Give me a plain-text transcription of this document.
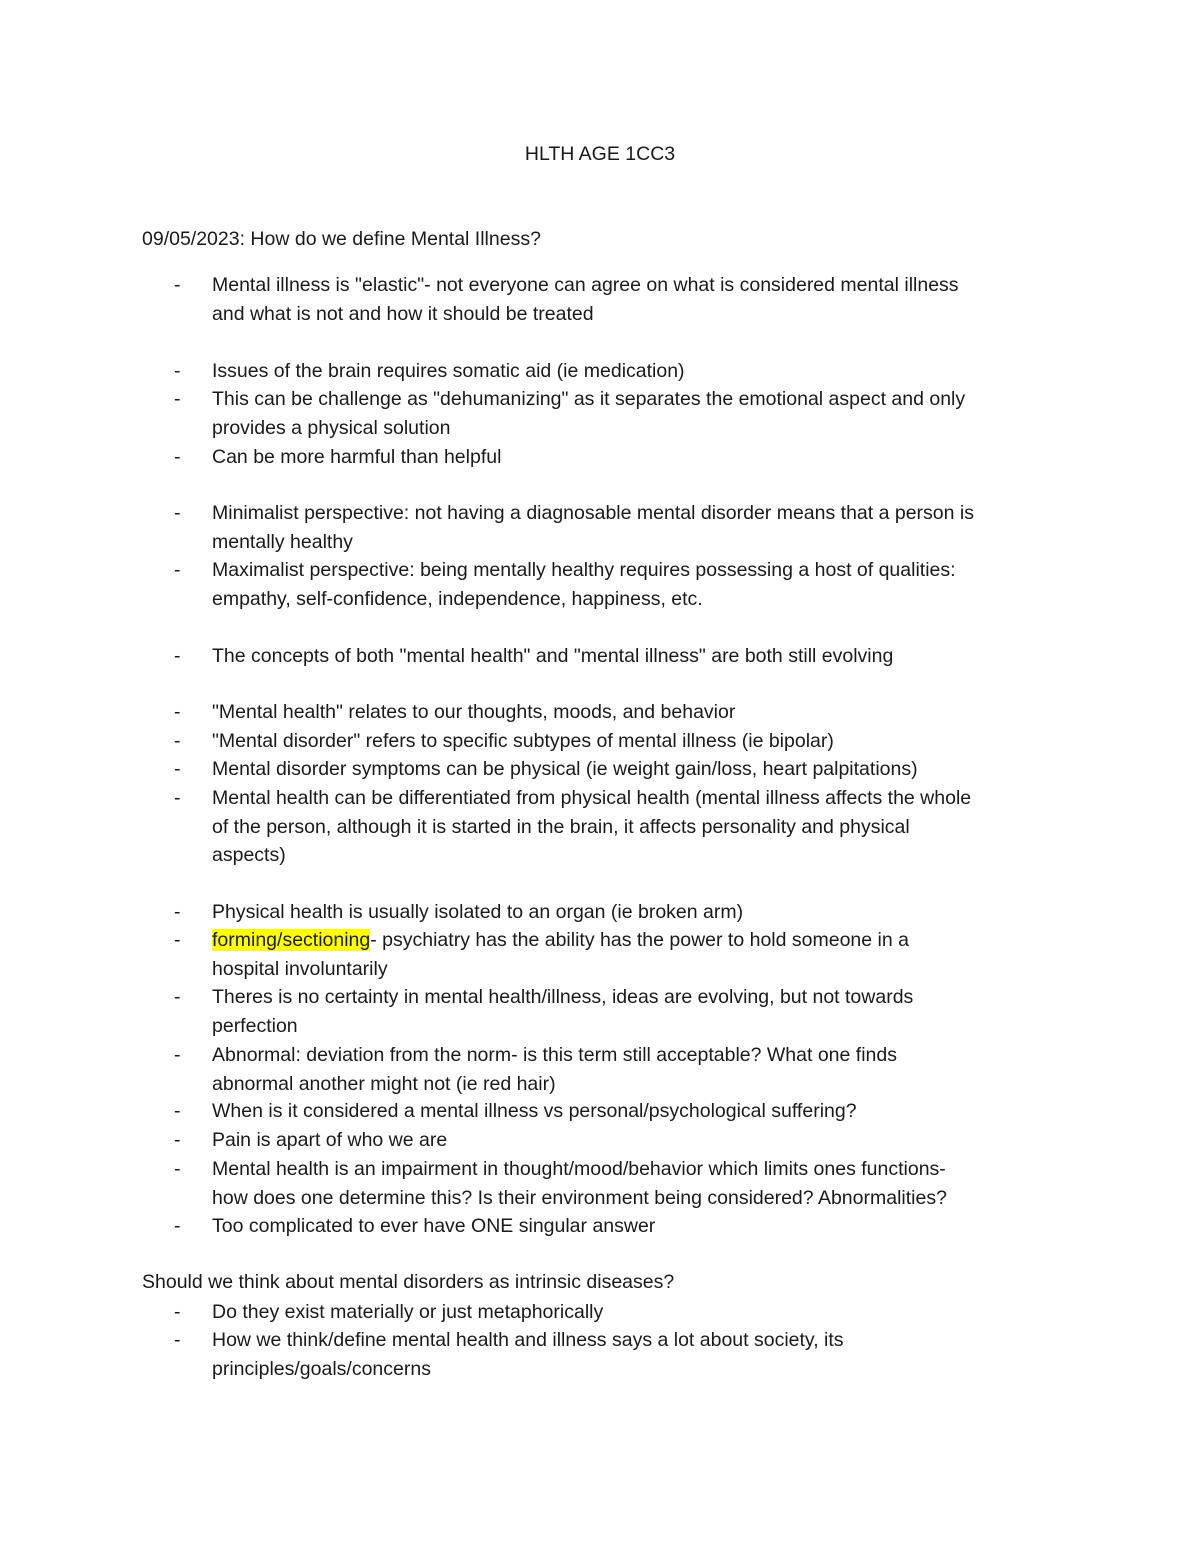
HLTH AGE 1CC3
09/05/2023: How do we define Mental Illness?
- Mental illness is "elastic"- not everyone can agree on what is considered mental illness
and what is not and how it should be treated
- Issues of the brain requires somatic aid (ie medication)
- This can be challenge as "dehumanizing" as it separates the emotional aspect and only
provides a physical solution
- Can be more harmful than helpful
- Minimalist perspective: not having a diagnosable mental disorder means that a person is
mentally healthy
- Maximalist perspective: being mentally healthy requires possessing a host of qualities:
empathy, self-confidence, independence, happiness, etc.
- The concepts of both "mental health" and "mental illness" are both still evolving
- "Mental health" relates to our thoughts, moods, and behavior
- "Mental disorder" refers to specific subtypes of mental illness (ie bipolar)
- Mental disorder symptoms can be physical (ie weight gain/loss, heart palpitations)
- Mental health can be differentiated from physical health (mental illness affects the whole
of the person, although it is started in the brain, it affects personality and physical
aspects)
- Physical health is usually isolated to an organ (ie broken arm)
- forming/sectioning- psychiatry has the ability has the power to hold someone in a
hospital involuntarily
- Theres is no certainty in mental health/illness, ideas are evolving, but not towards
perfection
- Abnormal: deviation from the norm- is this term still acceptable? What one finds
abnormal another might not (ie red hair)
- When is it considered a mental illness vs personal/psychological suffering?
- Pain is apart of who we are
- Mental health is an impairment in thought/mood/behavior which limits ones functions-
how does one determine this? Is their environment being considered? Abnormalities?
- Too complicated to ever have ONE singular answer
Should we think about mental disorders as intrinsic diseases?
- Do they exist materially or just metaphorically
- How we think/define mental health and illness says a lot about society, its
principles/goals/concerns
